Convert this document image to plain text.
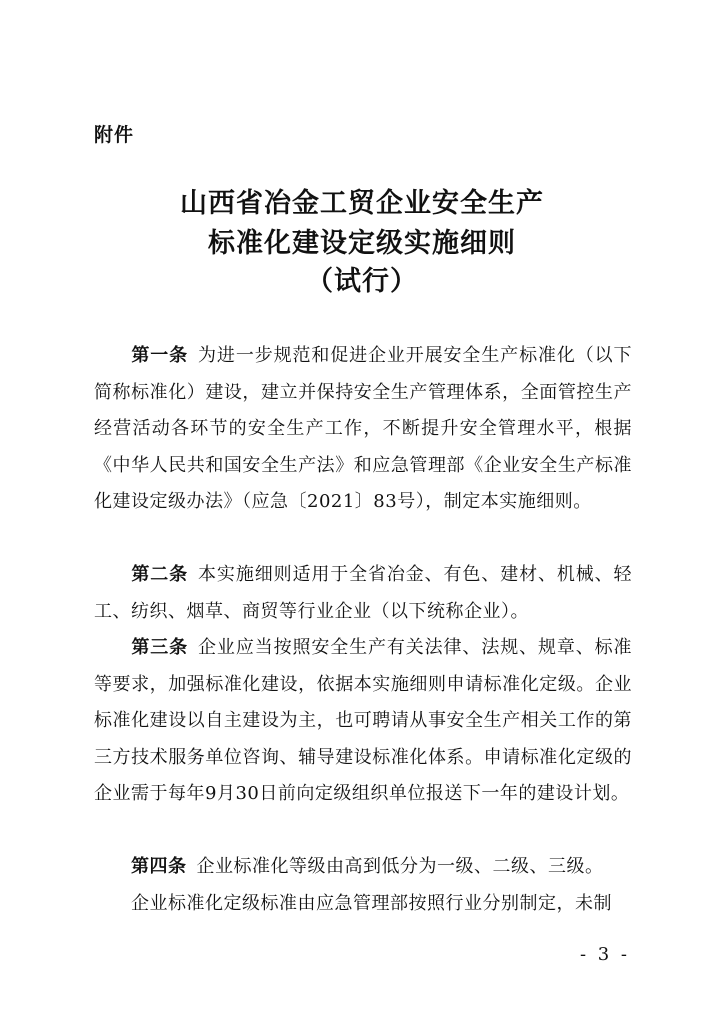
附件
山西省冶金工贸企业安全生产
标准化建设定级实施细则
（试行）

第一条 为进一步规范和促进企业开展安全生产标准化（以下简称标准化）建设，建立并保持安全生产管理体系，全面管控生产经营活动各环节的安全生产工作，不断提升安全管理水平，根据《中华人民共和国安全生产法》和应急管理部《企业安全生产标准化建设定级办法》（应急〔2021〕83号），制定本实施细则。

第二条 本实施细则适用于全省冶金、有色、建材、机械、轻工、纺织、烟草、商贸等行业企业（以下统称企业）。

第三条 企业应当按照安全生产有关法律、法规、规章、标准等要求，加强标准化建设，依据本实施细则申请标准化定级。企业标准化建设以自主建设为主，也可聘请从事安全生产相关工作的第三方技术服务单位咨询、辅导建设标准化体系。申请标准化定级的企业需于每年9月30日前向定级组织单位报送下一年的建设计划。

第四条 企业标准化等级由高到低分为一级、二级、三级。

企业标准化定级标准由应急管理部按照行业分别制定，未制

- 3 -
